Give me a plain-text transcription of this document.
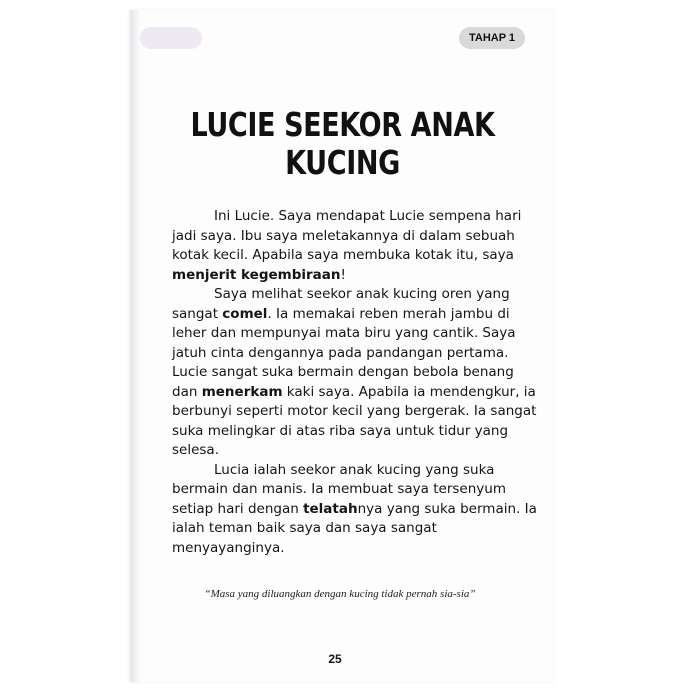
TAHAP 1
LUCIE SEEKOR ANAK
KUCING

Ini Lucie. Saya mendapat Lucie sempena hari jadi saya. Ibu saya meletakannya di dalam sebuah kotak kecil. Apabila saya membuka kotak itu, saya menjerit kegembiraan!

Saya melihat seekor anak kucing oren yang sangat comel. Ia memakai reben merah jambu di leher dan mempunyai mata biru yang cantik. Saya jatuh cinta dengannya pada pandangan pertama. Lucie sangat suka bermain dengan bebola benang dan menerkam kaki saya. Apabila ia mendengkur, ia berbunyi seperti motor kecil yang bergerak. Ia sangat suka melingkar di atas riba saya untuk tidur yang selesa.

Lucia ialah seekor anak kucing yang suka bermain dan manis. Ia membuat saya tersenyum setiap hari dengan telatahnya yang suka bermain. Ia ialah teman baik saya dan saya sangat menyayanginya.

“Masa yang diluangkan dengan kucing tidak pernah sia-sia”
25
